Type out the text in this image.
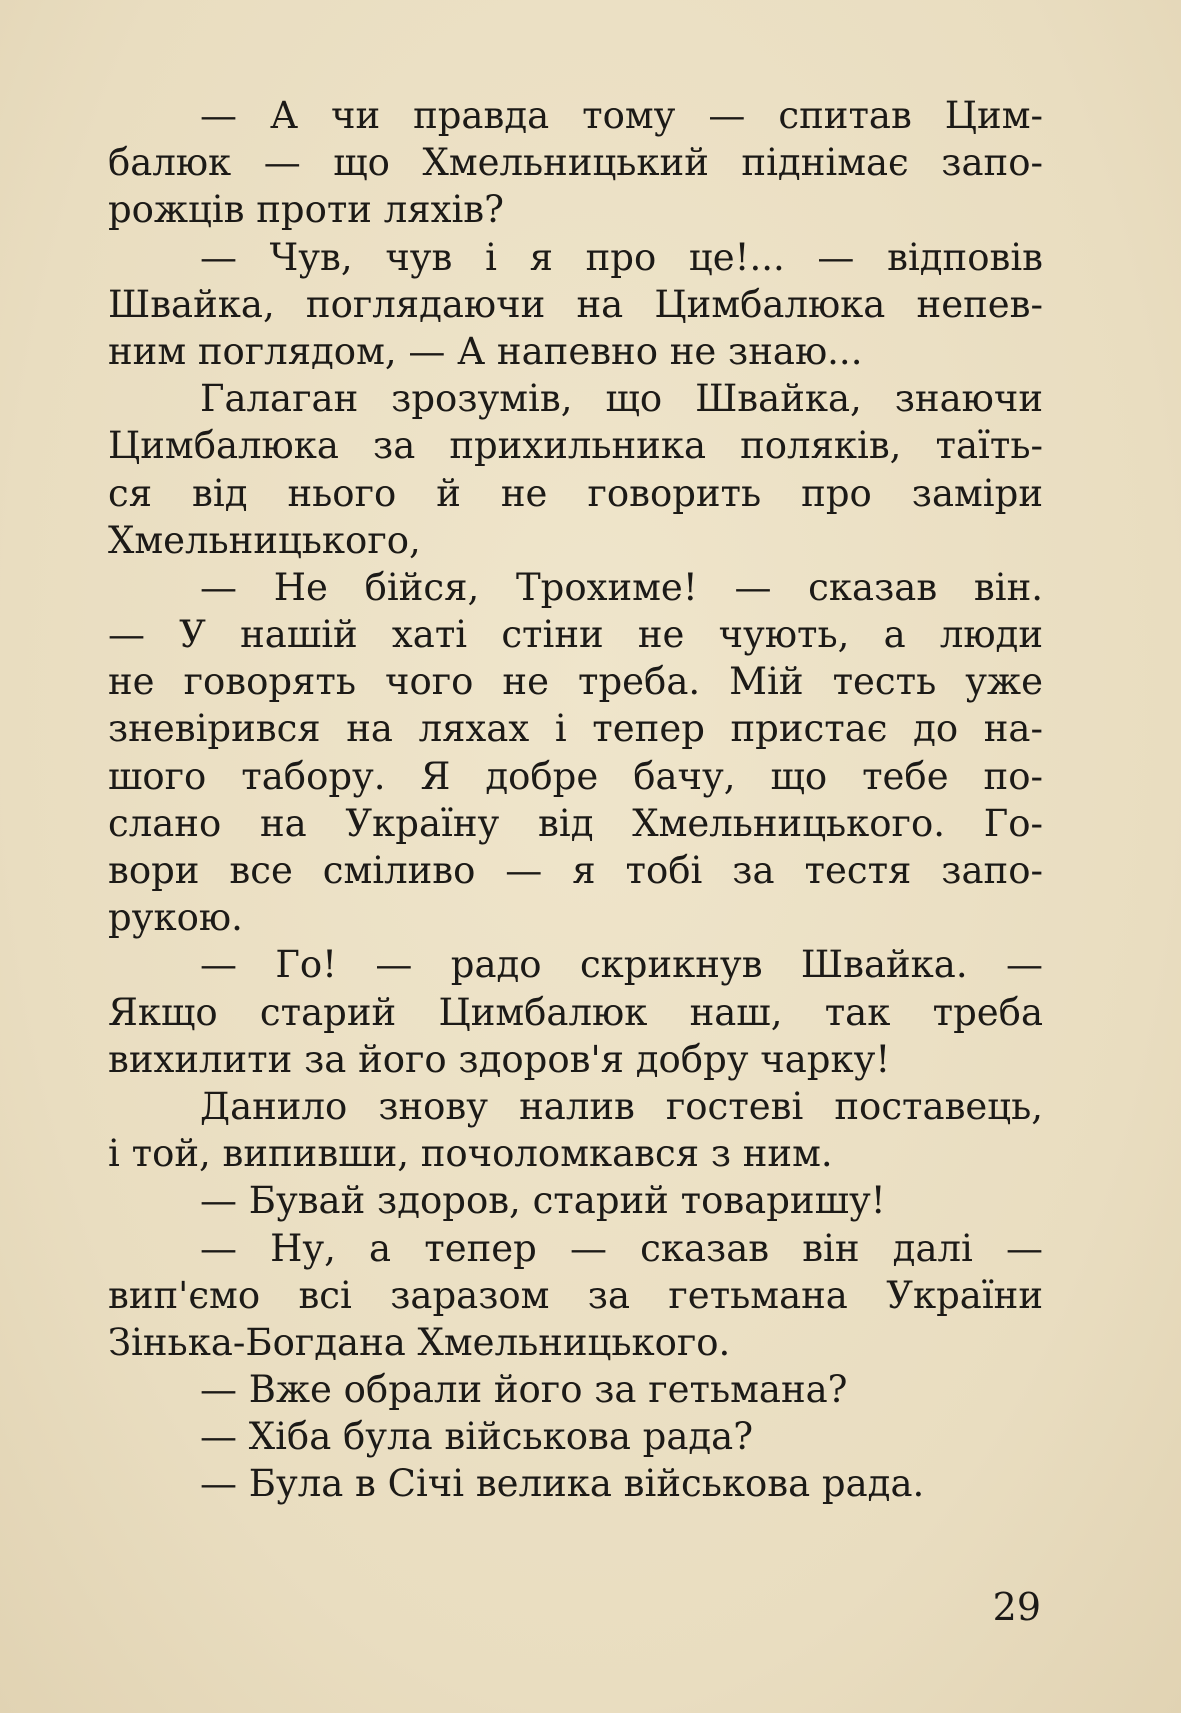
— А чи правда тому — спитав Цим-
балюк — що Хмельницький піднімає запо-
рожців проти ляхів?
— Чув, чув і я про це!... — відповів
Швайка, поглядаючи на Цимбалюка непев-
ним поглядом, — А напевно не знаю...
Галаган зрозумів, що Швайка, знаючи
Цимбалюка за прихильника поляків, таїть-
ся від нього й не говорить про заміри
Хмельницького,
— Не бійся, Трохиме! — сказав він.
— У нашій хаті стіни не чують, а люди
не говорять чого не треба. Мій тесть уже
зневірився на ляхах і тепер пристає до на-
шого табору. Я добре бачу, що тебе по-
слано на Україну від Хмельницького. Го-
вори все сміливо — я тобі за тестя запо-
рукою.
— Го! — радо скрикнув Швайка. —
Якщо старий Цимбалюк наш, так треба
вихилити за його здоров'я добру чарку!
Данило знову налив гостеві поставець,
і той, випивши, почоломкався з ним.
— Бувай здоров, старий товаришу!
— Ну, а тепер — сказав він далі —
вип'ємо всі заразом за гетьмана України
Зінька-Богдана Хмельницького.
— Вже обрали його за гетьмана?
— Хіба була військова рада?
— Була в Січі велика військова рада.
29
